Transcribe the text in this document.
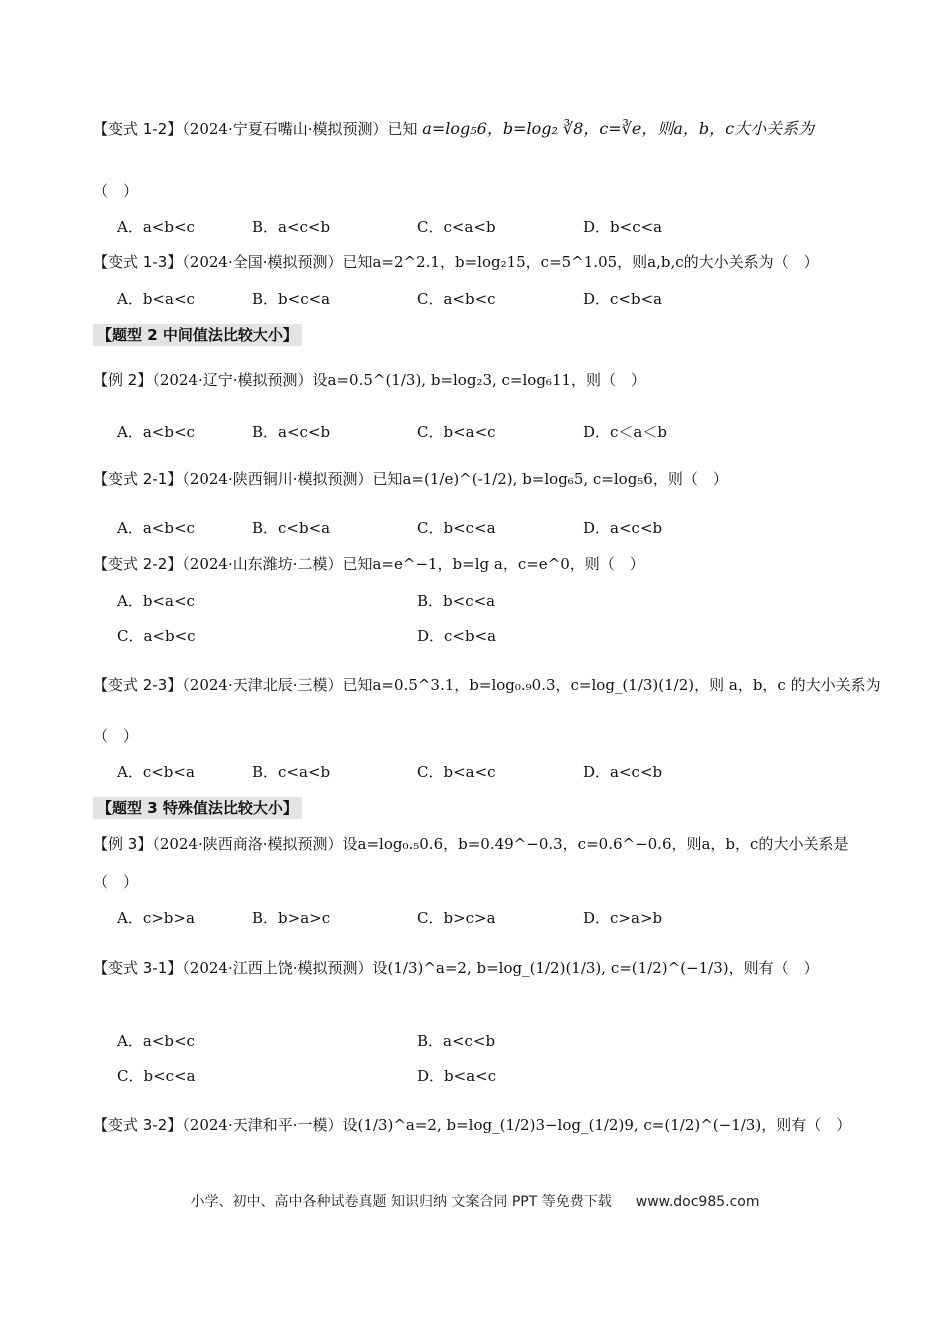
【变式 1-2】（2024·宁夏石嘴山·模拟预测）已知 a=log₅6，b=log₂ ∛8，c=∛e，则a，b，c大小关系为
（　）
A．a<b<c	B．a<c<b	C．c<a<b	D．b<c<a
【变式 1-3】（2024·全国·模拟预测）已知a=2^2.1，b=log₂15，c=5^1.05，则a,b,c的大小关系为（　）
A．b<a<c	B．b<c<a	C．a<b<c	D．c<b<a
【题型 2 中间值法比较大小】
【例 2】（2024·辽宁·模拟预测）设a=0.5^(1/3), b=log₂3, c=log₆11，则（　）
A．a<b<c	B．a<c<b	C．b<a<c	D．c＜a＜b
【变式 2-1】（2024·陕西铜川·模拟预测）已知a=(1/e)^(-1/2), b=log₆5, c=log₅6，则（　）
A．a<b<c	B．c<b<a	C．b<c<a	D．a<c<b
【变式 2-2】（2024·山东潍坊·二模）已知a=e^−1，b=lg a，c=e^0，则（　）
A．b<a<c	B．b<c<a
C．a<b<c	D．c<b<a
【变式 2-3】（2024·天津北辰·三模）已知a=0.5^3.1，b=log₀.₉0.3，c=log_(1/3)(1/2)，则 a，b，c 的大小关系为
（　）
A．c<b<a	B．c<a<b	C．b<a<c	D．a<c<b
【题型 3 特殊值法比较大小】
【例 3】（2024·陕西商洛·模拟预测）设a=log₀.₅0.6，b=0.49^−0.3，c=0.6^−0.6，则a，b，c的大小关系是
（　）
A．c>b>a	B．b>a>c	C．b>c>a	D．c>a>b
【变式 3-1】（2024·江西上饶·模拟预测）设(1/3)^a=2, b=log_(1/2)(1/3), c=(1/2)^(−1/3)，则有（　）
A．a<b<c	B．a<c<b
C．b<c<a	D．b<a<c
【变式 3-2】（2024·天津和平·一模）设(1/3)^a=2, b=log_(1/2)3−log_(1/2)9, c=(1/2)^(−1/3)，则有（　）
小学、初中、高中各种试卷真题 知识归纳 文案合同 PPT 等免费下载 www.doc985.com
